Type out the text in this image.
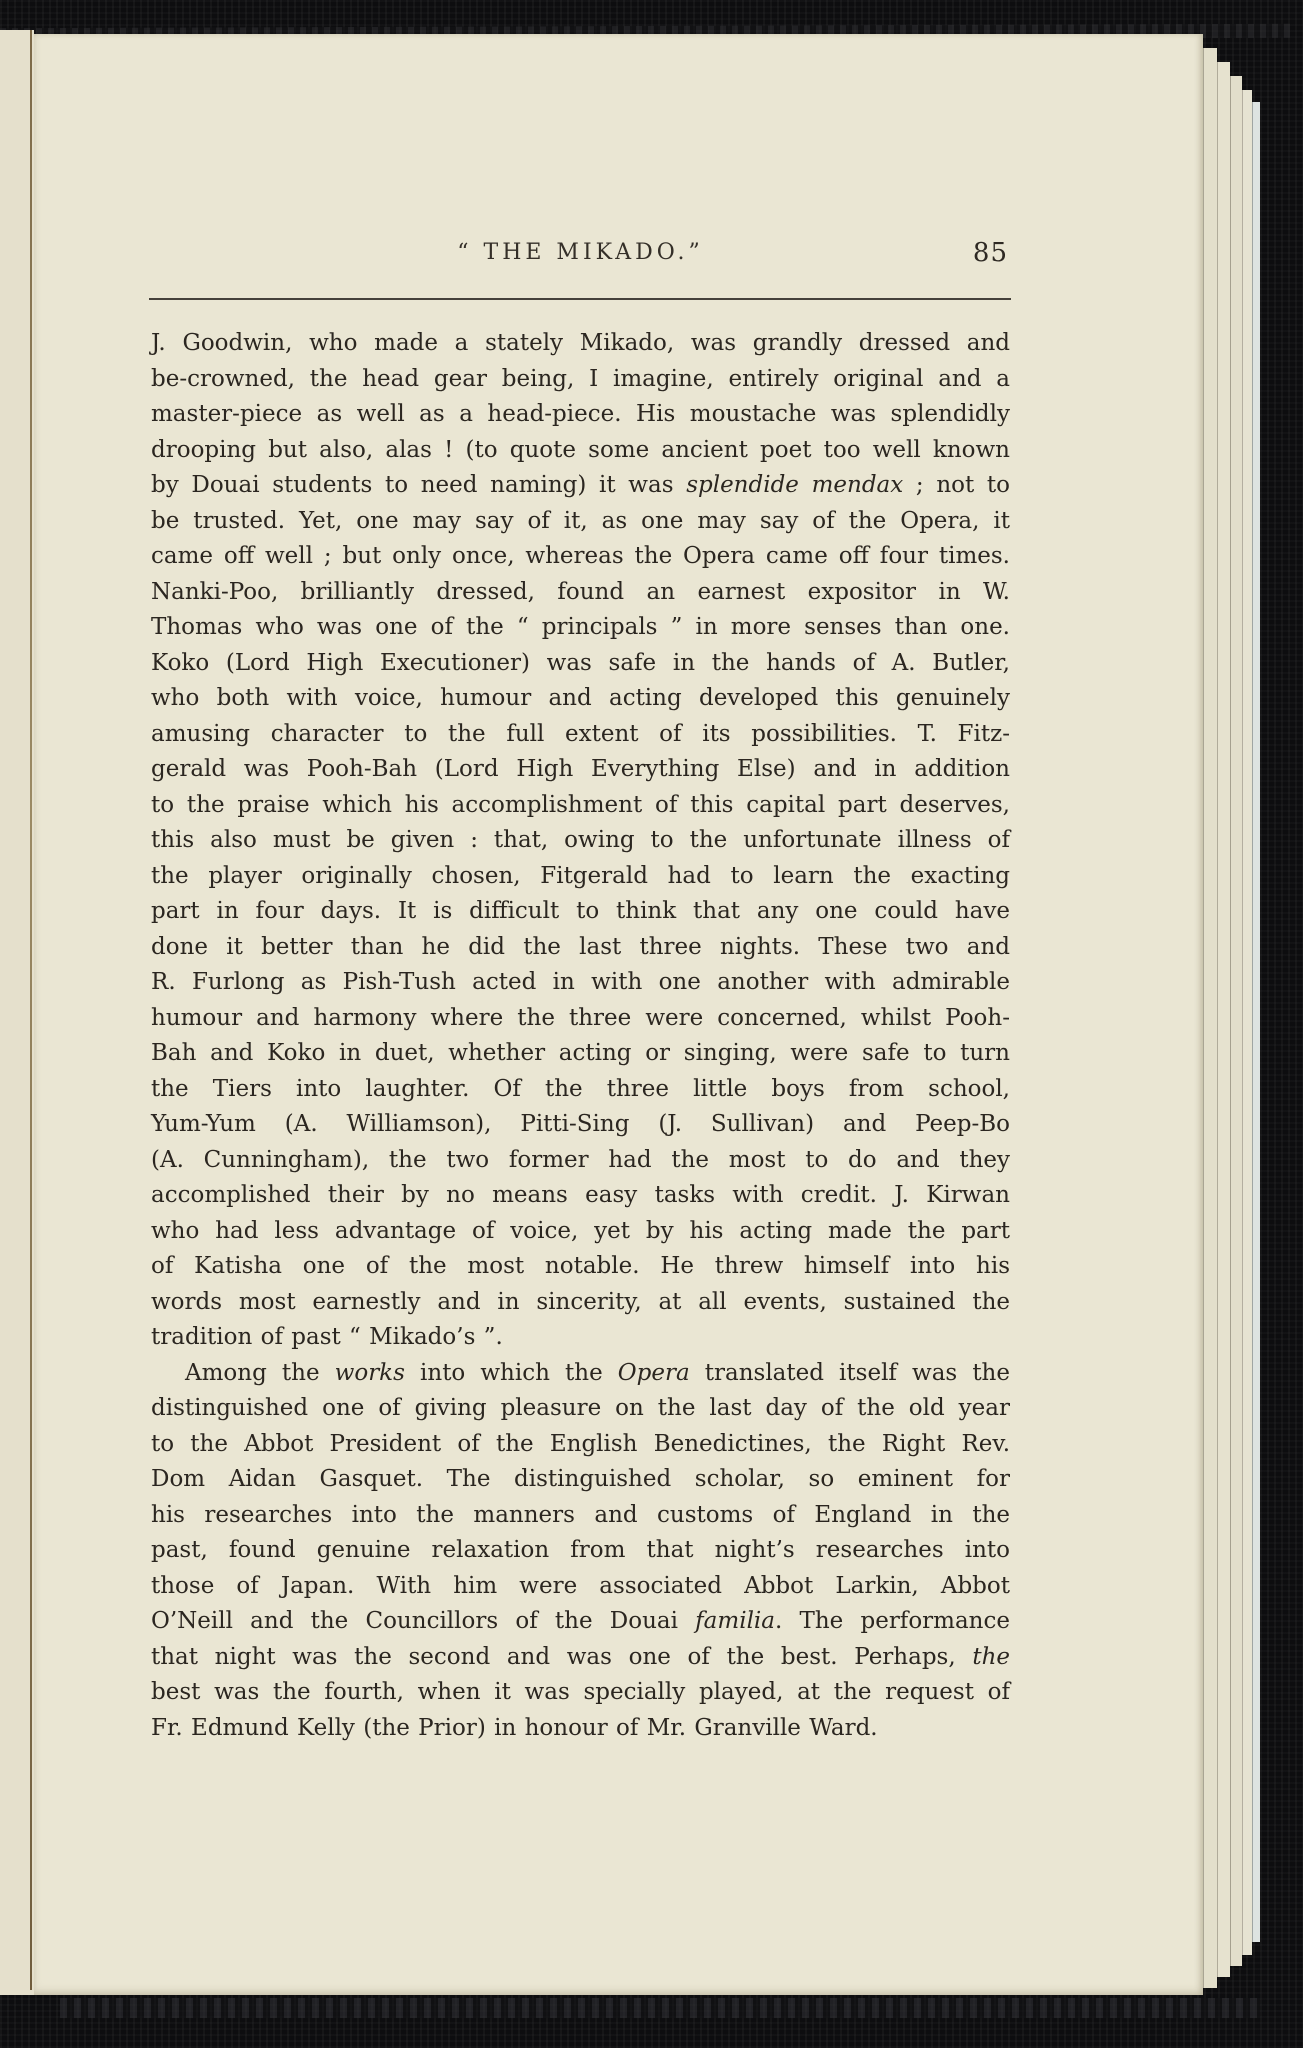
“ THE MIKADO.”	85
J. Goodwin, who made a stately Mikado, was grandly dressed and
be-crowned, the head gear being, I imagine, entirely original and a
master-piece as well as a head-piece. His moustache was splendidly
drooping but also, alas ! (to quote some ancient poet too well known
by Douai students to need naming) it was splendide mendax ; not to
be trusted. Yet, one may say of it, as one may say of the Opera, it
came off well ; but only once, whereas the Opera came off four times.
Nanki-Poo, brilliantly dressed, found an earnest expositor in W.
Thomas who was one of the “ principals ” in more senses than one.
Koko (Lord High Executioner) was safe in the hands of A. Butler,
who both with voice, humour and acting developed this genuinely
amusing character to the full extent of its possibilities. T. Fitz-
gerald was Pooh-Bah (Lord High Everything Else) and in addition
to the praise which his accomplishment of this capital part deserves,
this also must be given : that, owing to the unfortunate illness of
the player originally chosen, Fitgerald had to learn the exacting
part in four days. It is difficult to think that any one could have
done it better than he did the last three nights. These two and
R. Furlong as Pish-Tush acted in with one another with admirable
humour and harmony where the three were concerned, whilst Pooh-
Bah and Koko in duet, whether acting or singing, were safe to turn
the Tiers into laughter. Of the three little boys from school,
Yum-Yum (A. Williamson), Pitti-Sing (J. Sullivan) and Peep-Bo
(A. Cunningham), the two former had the most to do and they
accomplished their by no means easy tasks with credit. J. Kirwan
who had less advantage of voice, yet by his acting made the part
of Katisha one of the most notable. He threw himself into his
words most earnestly and in sincerity, at all events, sustained the
tradition of past “ Mikado’s ”.
Among the works into which the Opera translated itself was the
distinguished one of giving pleasure on the last day of the old year
to the Abbot President of the English Benedictines, the Right Rev.
Dom Aidan Gasquet. The distinguished scholar, so eminent for
his researches into the manners and customs of England in the
past, found genuine relaxation from that night’s researches into
those of Japan. With him were associated Abbot Larkin, Abbot
O’Neill and the Councillors of the Douai familia. The performance
that night was the second and was one of the best. Perhaps, the
best was the fourth, when it was specially played, at the request of
Fr. Edmund Kelly (the Prior) in honour of Mr. Granville Ward.
